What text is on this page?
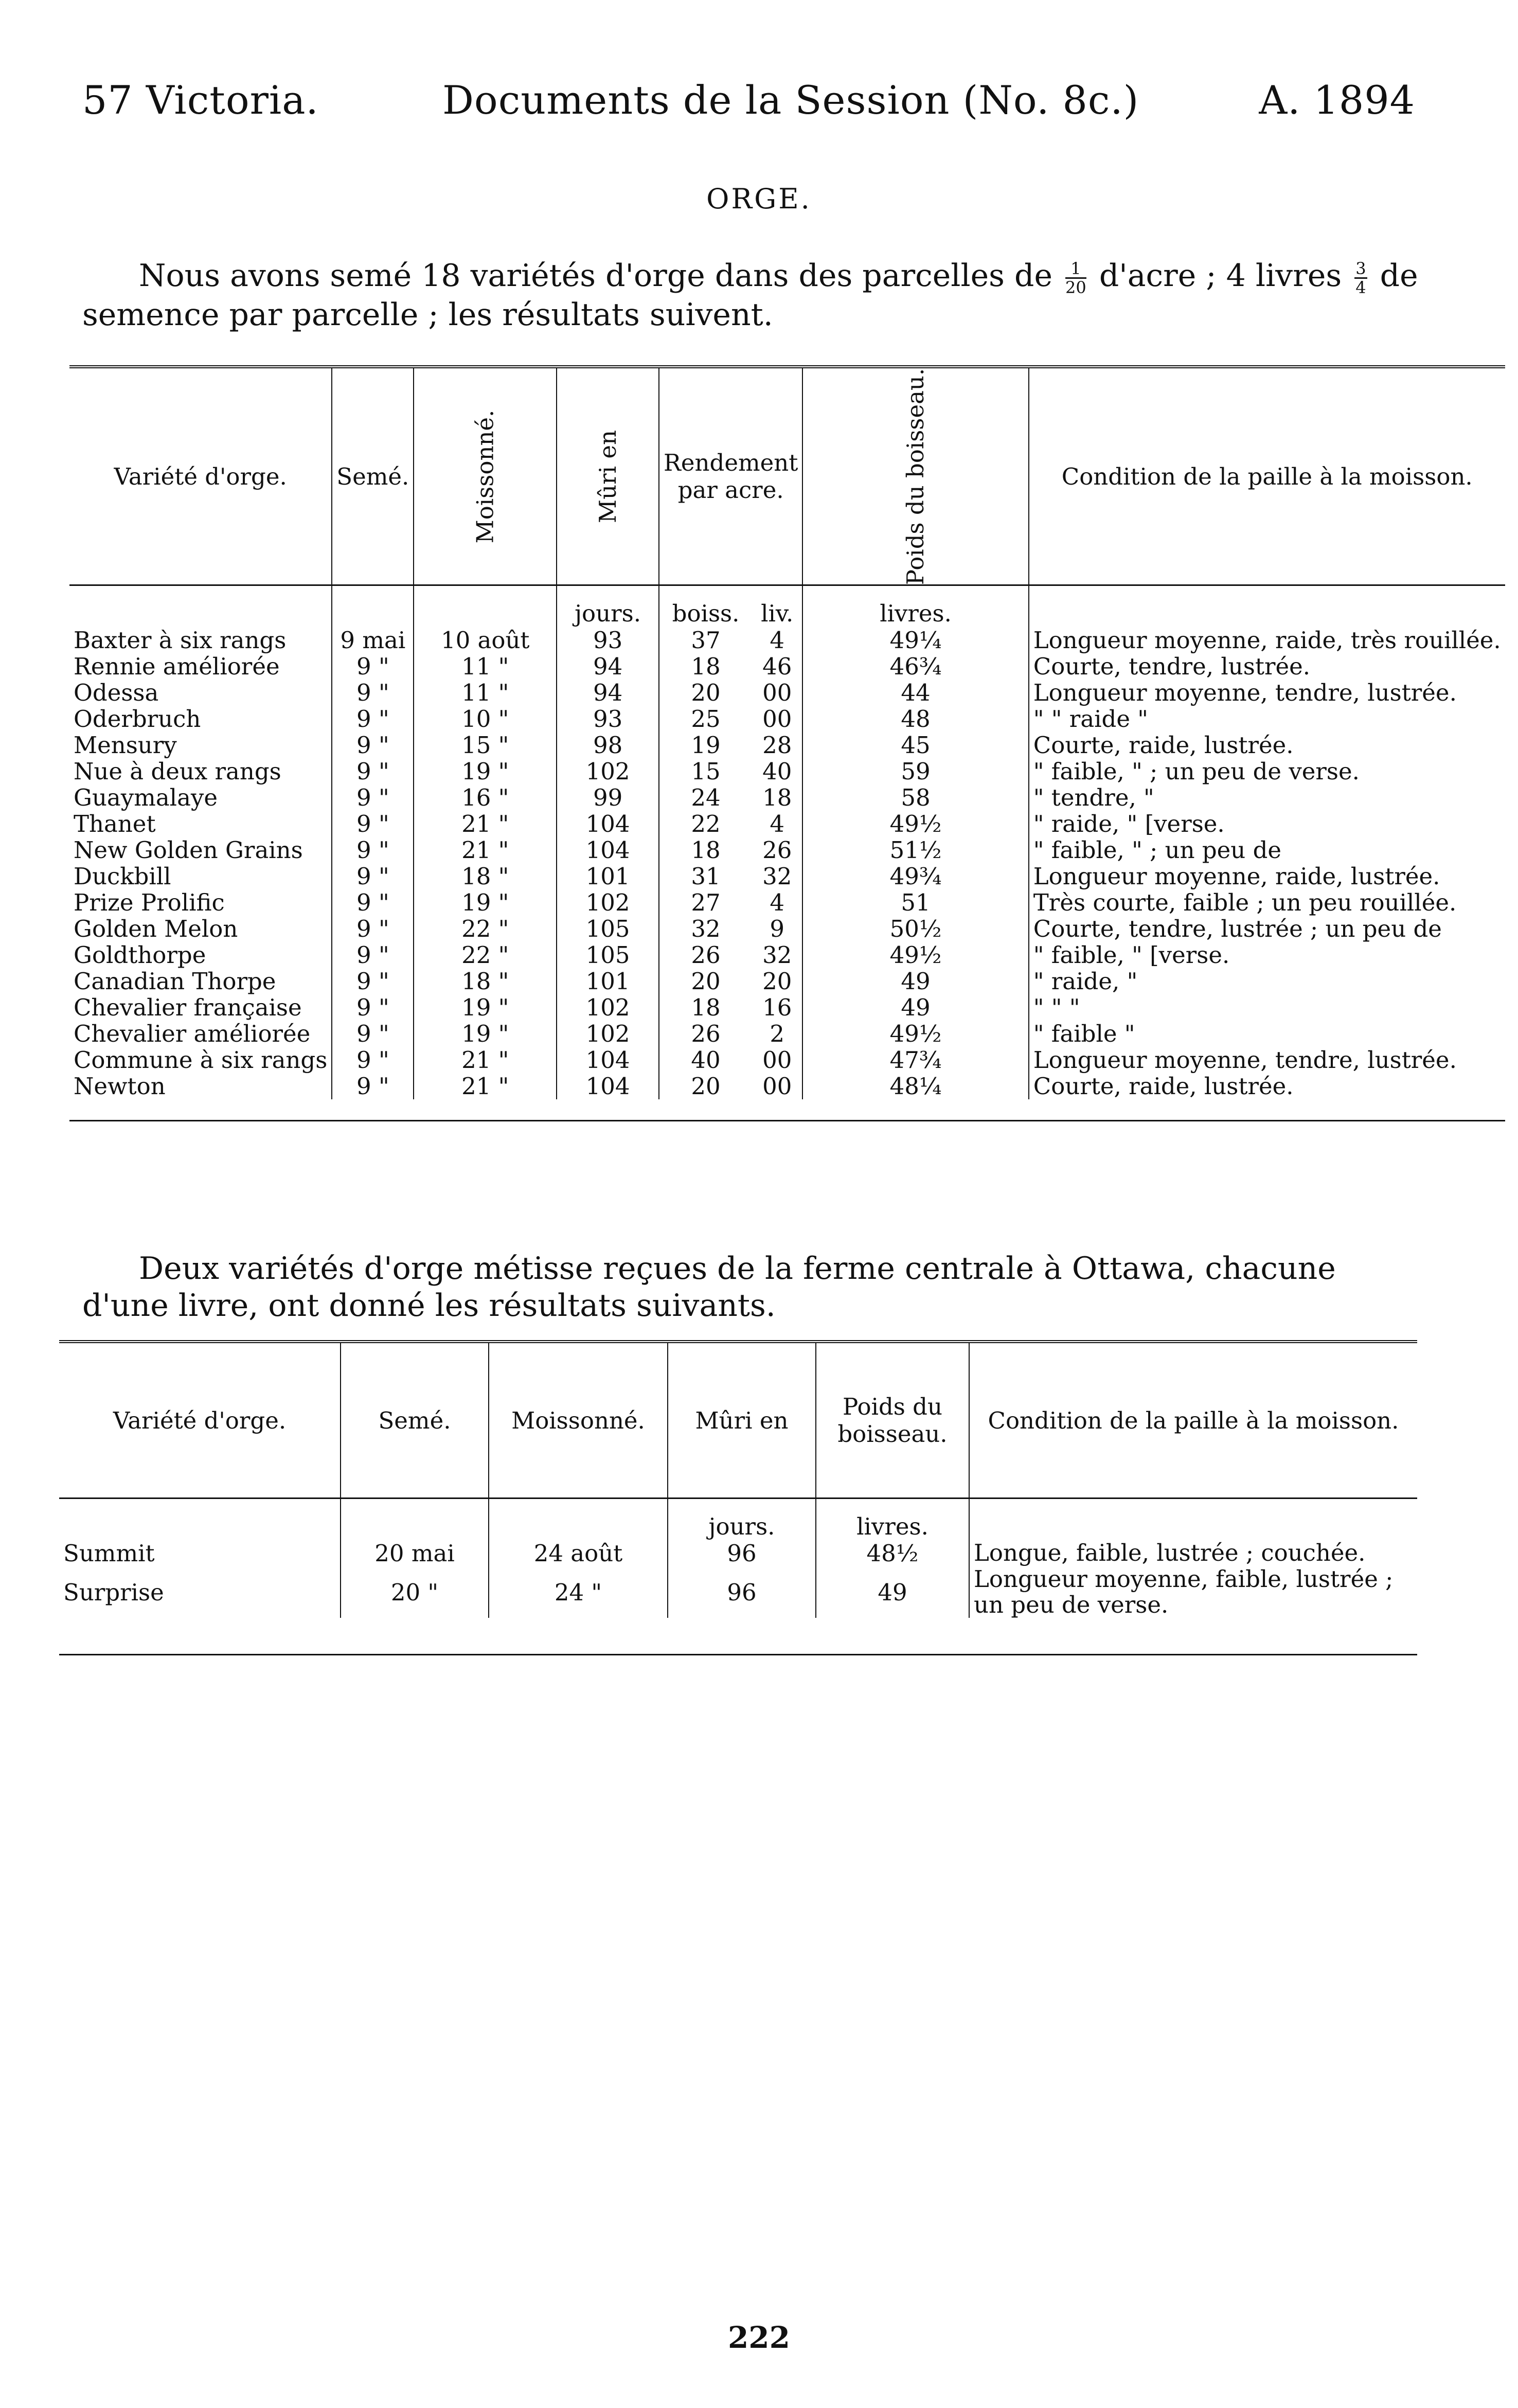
57 Victoria.	Documents de la Session (No. 8c.)	A. 1894
ORGE.
Nous avons semé 18 variétés d'orge dans des parcelles de $\frac{1}{20}$ d'acre ; 4 livres $\frac{3}{4}$ de semence par parcelle ; les résultats suivent.
Variété d'orge.	Semé.	Moissonné.	Mûri en	Rendement par acre.		Poids du boisseau.	Condition de la paille à la moisson.
			jours.	boiss.	liv.	livres.	
Baxter à six rangs	9 mai	10 août	93	37	4	49¼	Longueur moyenne, raide, très rouillée.
Rennie améliorée	9 "	11 "	94	18	46	46¾	Courte, tendre, lustrée.
Odessa	9 "	11 "	94	20	00	44	Longueur moyenne, tendre, lustrée.
Oderbruch	9 "	10 "	93	25	00	48	" " raide "
Mensury	9 "	15 "	98	19	28	45	Courte, raide, lustrée.
Nue à deux rangs	9 "	19 "	102	15	40	59	" faible, " ; un peu de verse.
Guaymalaye	9 "	16 "	99	24	18	58	" tendre, "
Thanet	9 "	21 "	104	22	4	49½	" raide, " [verse.
New Golden Grains	9 "	21 "	104	18	26	51½	" faible, " ; un peu de
Duckbill	9 "	18 "	101	31	32	49¾	Longueur moyenne, raide, lustrée.
Prize Prolific	9 "	19 "	102	27	4	51	Très courte, faible ; un peu rouillée.
Golden Melon	9 "	22 "	105	32	9	50½	Courte, tendre, lustrée ; un peu de
Goldthorpe	9 "	22 "	105	26	32	49½	" faible, " [verse.
Canadian Thorpe	9 "	18 "	101	20	20	49	" raide, "
Chevalier française	9 "	19 "	102	18	16	49	" " "
Chevalier améliorée	9 "	19 "	102	26	2	49½	" faible "
Commune à six rangs	9 "	21 "	104	40	00	47¾	Longueur moyenne, tendre, lustrée.
Newton	9 "	21 "	104	20	00	48¼	Courte, raide, lustrée.

Deux variétés d'orge métisse reçues de la ferme centrale à Ottawa, chacune d'une livre, ont donné les résultats suivants.
Variété d'orge.	Semé.	Moissonné.	Mûri en	Poids du boisseau.	Condition de la paille à la moisson.
			jours.	livres.	
Summit	20 mai	24 août	96	48½	Longue, faible, lustrée ; couchée.
Surprise	20 "	24 "	96	49	Longueur moyenne, faible, lustrée ; un peu de verse.

222
